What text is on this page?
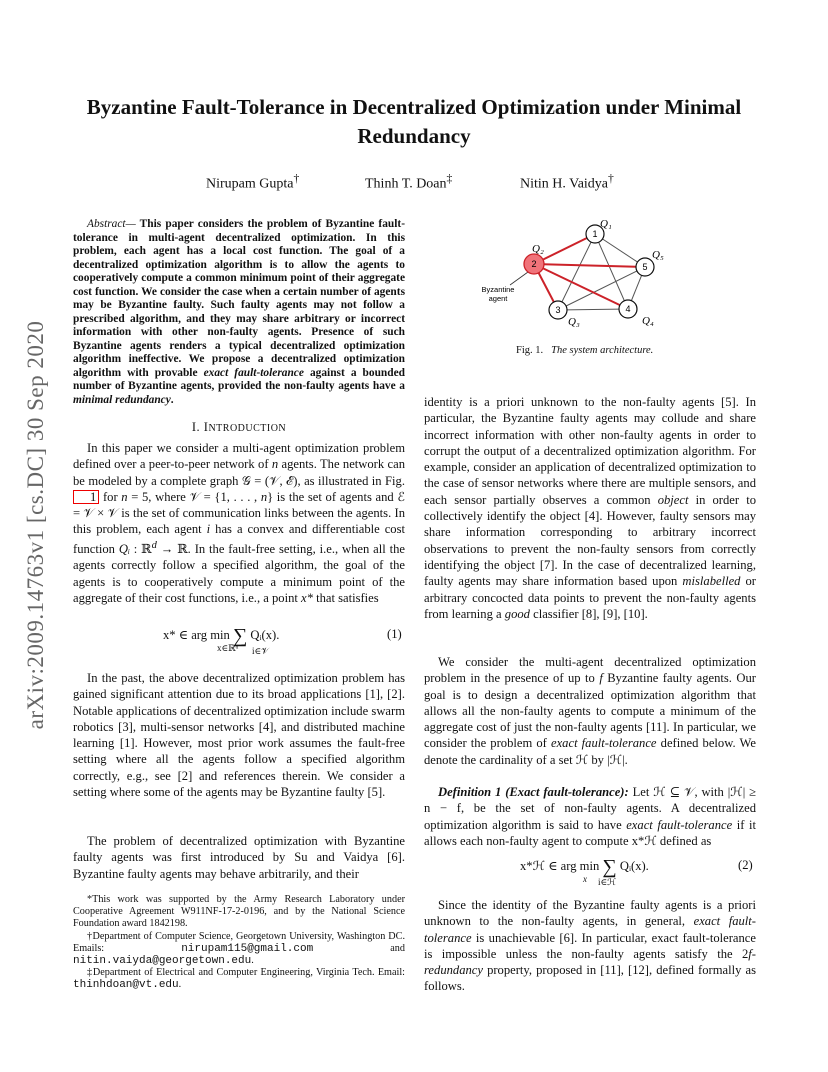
Byzantine Fault-Tolerance in Decentralized Optimization under Minimal Redundancy
Nirupam Gupta†	Thinh T. Doan‡	Nitin H. Vaidya†
arXiv:2009.14763v1 [cs.DC] 30 Sep 2020

Abstract— This paper considers the problem of Byzantine fault-tolerance in multi-agent decentralized optimization. In this problem, each agent has a local cost function. The goal of a decentralized optimization algorithm is to allow the agents to cooperatively compute a common minimum point of their aggregate cost function. We consider the case when a certain number of agents may be Byzantine faulty. Such faulty agents may not follow a prescribed algorithm, and they may share arbitrary or incorrect information with other non-faulty agents. Presence of such Byzantine agents renders a typical decentralized optimization algorithm ineffective. We propose a decentralized optimization algorithm with provable exact fault-tolerance against a bounded number of Byzantine agents, provided the non-faulty agents have a minimal redundancy.

I. INTRODUCTION

In this paper we consider a multi-agent optimization problem defined over a peer-to-peer network of n agents. The network can be modeled by a complete graph 𝒢 = (𝒱, ℰ), as illustrated in Fig. 1 for n = 5, where 𝒱 = {1, . . . , n} is the set of agents and ℰ = 𝒱 × 𝒱 is the set of communication links between the agents. In this problem, each agent i has a convex and differentiable cost function Qᵢ : ℝ$^d$ → ℝ. In the fault-free setting, i.e., when all the agents correctly follow a specified algorithm, the goal of the agents is to cooperatively compute a minimum point of the aggregate of their cost functions, i.e., a point x* that satisfies

x* ∈ arg min ∑ Qᵢ(x).
x∈ℝᵈ i∈𝒱
(1)

In the past, the above decentralized optimization problem has gained significant attention due to its broad applications [1], [2]. Notable applications of decentralized optimization include swarm robotics [3], multi-sensor networks [4], and distributed machine learning [1]. However, most prior work assumes the fault-free setting where all the agents follow a specified algorithm correctly, e.g., see [2] and references therein. We consider a setting where some of the agents may be Byzantine faulty [5].

The problem of decentralized optimization with Byzantine faulty agents was first introduced by Su and Vaidya [6]. Byzantine faulty agents may behave arbitrarily, and their

*This work was supported by the Army Research Laboratory under Cooperative Agreement W911NF-17-2-0196, and by the National Science Foundation award 1842198.

†Department of Computer Science, Georgetown University, Washington DC. Emails: nirupam115@gmail.com and nitin.vaiyda@georgetown.edu.

‡Department of Electrical and Computer Engineering, Virginia Tech. Email: thinhdoan@vt.edu.

1
2	5
3	4
Q₁
Q₂
Q₃	Q₄
Q₅
Byzantine
agent
Fig. 1. The system architecture.

identity is a priori unknown to the non-faulty agents [5]. In particular, the Byzantine faulty agents may collude and share incorrect information with other non-faulty agents in order to corrupt the output of a decentralized optimization algorithm. For example, consider an application of decentralized optimization to the case of sensor networks where there are multiple sensors, and each sensor partially observes a common object in order to collectively identify the object [4]. However, faulty sensors may share information corresponding to arbitrary incorrect observations to prevent the non-faulty sensors from correctly identifying the object [7]. In the case of decentralized learning, faulty agents may share information based upon mislabelled or arbitrary concocted data points to prevent the non-faulty agents from learning a good classifier [8], [9], [10].

We consider the multi-agent decentralized optimization problem in the presence of up to f Byzantine faulty agents. Our goal is to design a decentralized optimization algorithm that allows all the non-faulty agents to compute a minimum of the aggregate cost of just the non-faulty agents [11]. In particular, we consider the problem of exact fault-tolerance defined below. We denote the cardinality of a set ℋ by |ℋ|.

Definition 1 (Exact fault-tolerance): Let ℋ ⊆ 𝒱, with |ℋ| ≥ n − f, be the set of non-faulty agents. A decentralized optimization algorithm is said to have exact fault-tolerance if it allows each non-faulty agent to compute x*ℋ defined as

x*ℋ ∈ arg min ∑ Qᵢ(x).
x i∈ℋ
(2)

Since the identity of the Byzantine faulty agents is a priori unknown to the non-faulty agents, in general, exact fault-tolerance is unachievable [6]. In particular, exact fault-tolerance is impossible unless the non-faulty agents satisfy the 2f-redundancy property, proposed in [11], [12], defined formally as follows.
